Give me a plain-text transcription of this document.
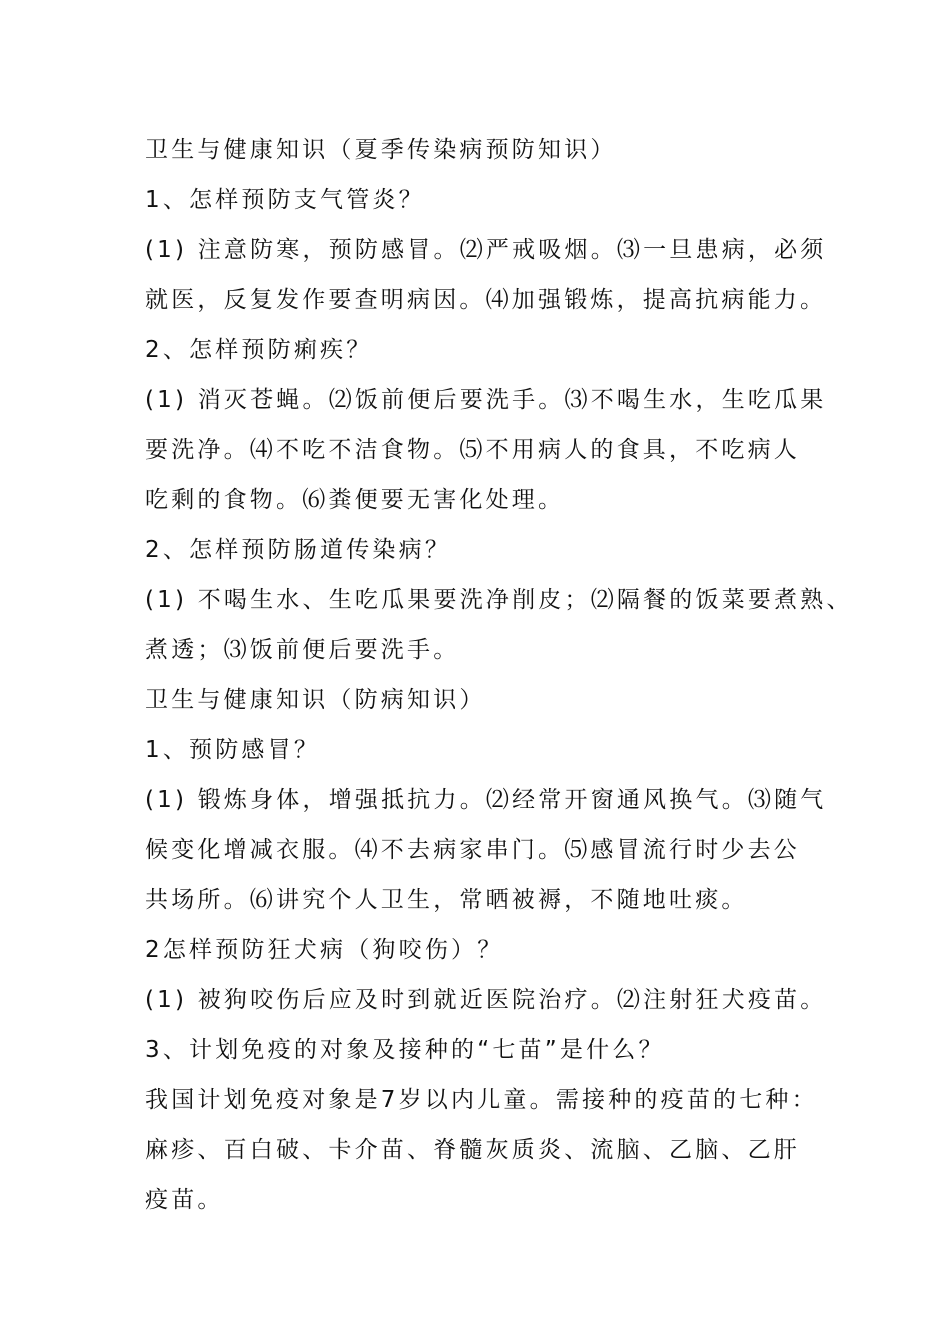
卫生与健康知识（夏季传染病预防知识）

1、怎样预防支气管炎？

(1) 注意防寒，预防感冒。⑵严戒吸烟。⑶一旦患病，必须

就医，反复发作要查明病因。⑷加强锻炼，提高抗病能力。

2、怎样预防痢疾？

(1) 消灭苍蝇。⑵饭前便后要洗手。⑶不喝生水，生吃瓜果

要洗净。⑷不吃不洁食物。⑸不用病人的食具，不吃病人

吃剩的食物。⑹粪便要无害化处理。

2、怎样预防肠道传染病？

(1) 不喝生水、生吃瓜果要洗净削皮；⑵隔餐的饭菜要煮熟、

煮透；⑶饭前便后要洗手。

卫生与健康知识（防病知识）

1、预防感冒？

(1) 锻炼身体，增强抵抗力。⑵经常开窗通风换气。⑶随气

候变化增减衣服。⑷不去病家串门。⑸感冒流行时少去公

共场所。⑹讲究个人卫生，常晒被褥，不随地吐痰。

2怎样预防狂犬病（狗咬伤）？

(1) 被狗咬伤后应及时到就近医院治疗。⑵注射狂犬疫苗。

3、计划免疫的对象及接种的“七苗”是什么？

我国计划免疫对象是7岁以内儿童。需接种的疫苗的七种：

麻疹、百白破、卡介苗、脊髓灰质炎、流脑、乙脑、乙肝

疫苗。
